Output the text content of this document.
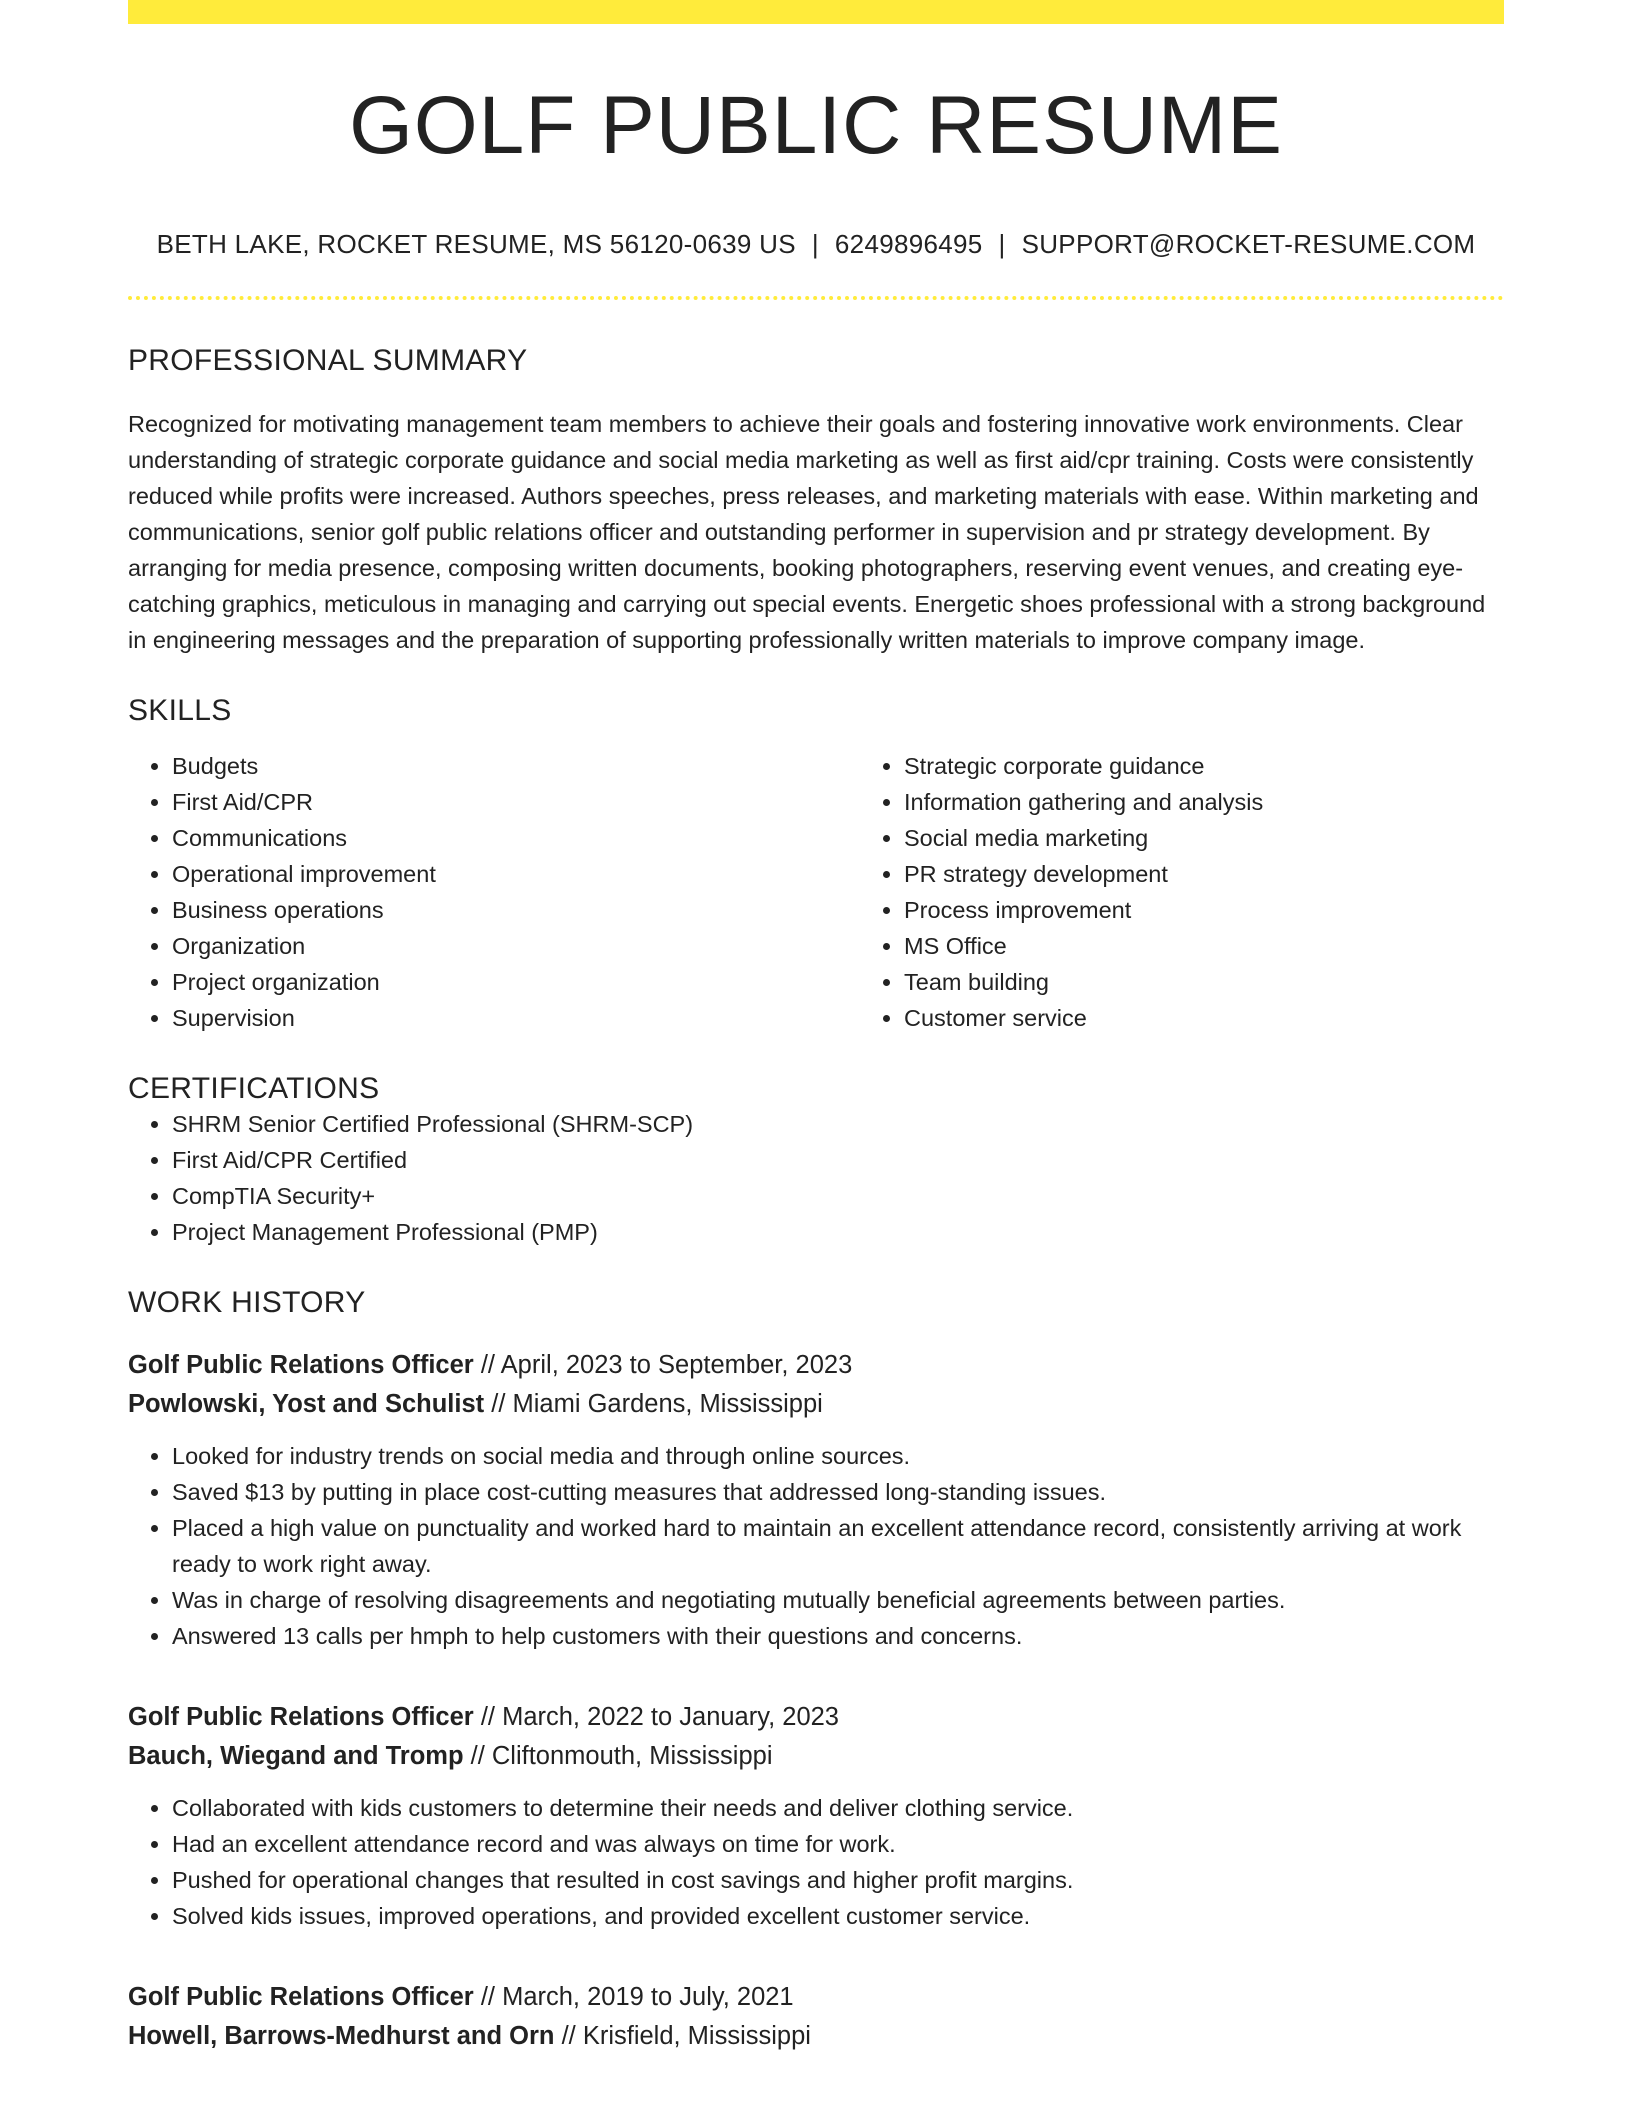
GOLF PUBLIC RESUME
BETH LAKE, ROCKET RESUME, MS 56120-0639 US | 6249896495 | SUPPORT@ROCKET-RESUME.COM
PROFESSIONAL SUMMARY

Recognized for motivating management team members to achieve their goals and fostering innovative work environments. Clear understanding of strategic corporate guidance and social media marketing as well as first aid/cpr training. Costs were consistently reduced while profits were increased. Authors speeches, press releases, and marketing materials with ease. Within marketing and communications, senior golf public relations officer and outstanding performer in supervision and pr strategy development. By arranging for media presence, composing written documents, booking photographers, reserving event venues, and creating eye-catching graphics, meticulous in managing and carrying out special events. Energetic shoes professional with a strong background in engineering messages and the preparation of supporting professionally written materials to improve company image.

SKILLS
• Budgets
• First Aid/CPR
• Communications
• Operational improvement
• Business operations
• Organization
• Project organization
• Supervision
• Strategic corporate guidance
• Information gathering and analysis
• Social media marketing
• PR strategy development
• Process improvement
• MS Office
• Team building
• Customer service
CERTIFICATIONS
• SHRM Senior Certified Professional (SHRM-SCP)
• First Aid/CPR Certified
• CompTIA Security+
• Project Management Professional (PMP)
WORK HISTORY
Golf Public Relations Officer // April, 2023 to September, 2023
Powlowski, Yost and Schulist // Miami Gardens, Mississippi
• Looked for industry trends on social media and through online sources.
• Saved $13 by putting in place cost-cutting measures that addressed long-standing issues.
• Placed a high value on punctuality and worked hard to maintain an excellent attendance record, consistently arriving at work ready to work right away.
• Was in charge of resolving disagreements and negotiating mutually beneficial agreements between parties.
• Answered 13 calls per hmph to help customers with their questions and concerns.
Golf Public Relations Officer // March, 2022 to January, 2023
Bauch, Wiegand and Tromp // Cliftonmouth, Mississippi
• Collaborated with kids customers to determine their needs and deliver clothing service.
• Had an excellent attendance record and was always on time for work.
• Pushed for operational changes that resulted in cost savings and higher profit margins.
• Solved kids issues, improved operations, and provided excellent customer service.
Golf Public Relations Officer // March, 2019 to July, 2021
Howell, Barrows-Medhurst and Orn // Krisfield, Mississippi
